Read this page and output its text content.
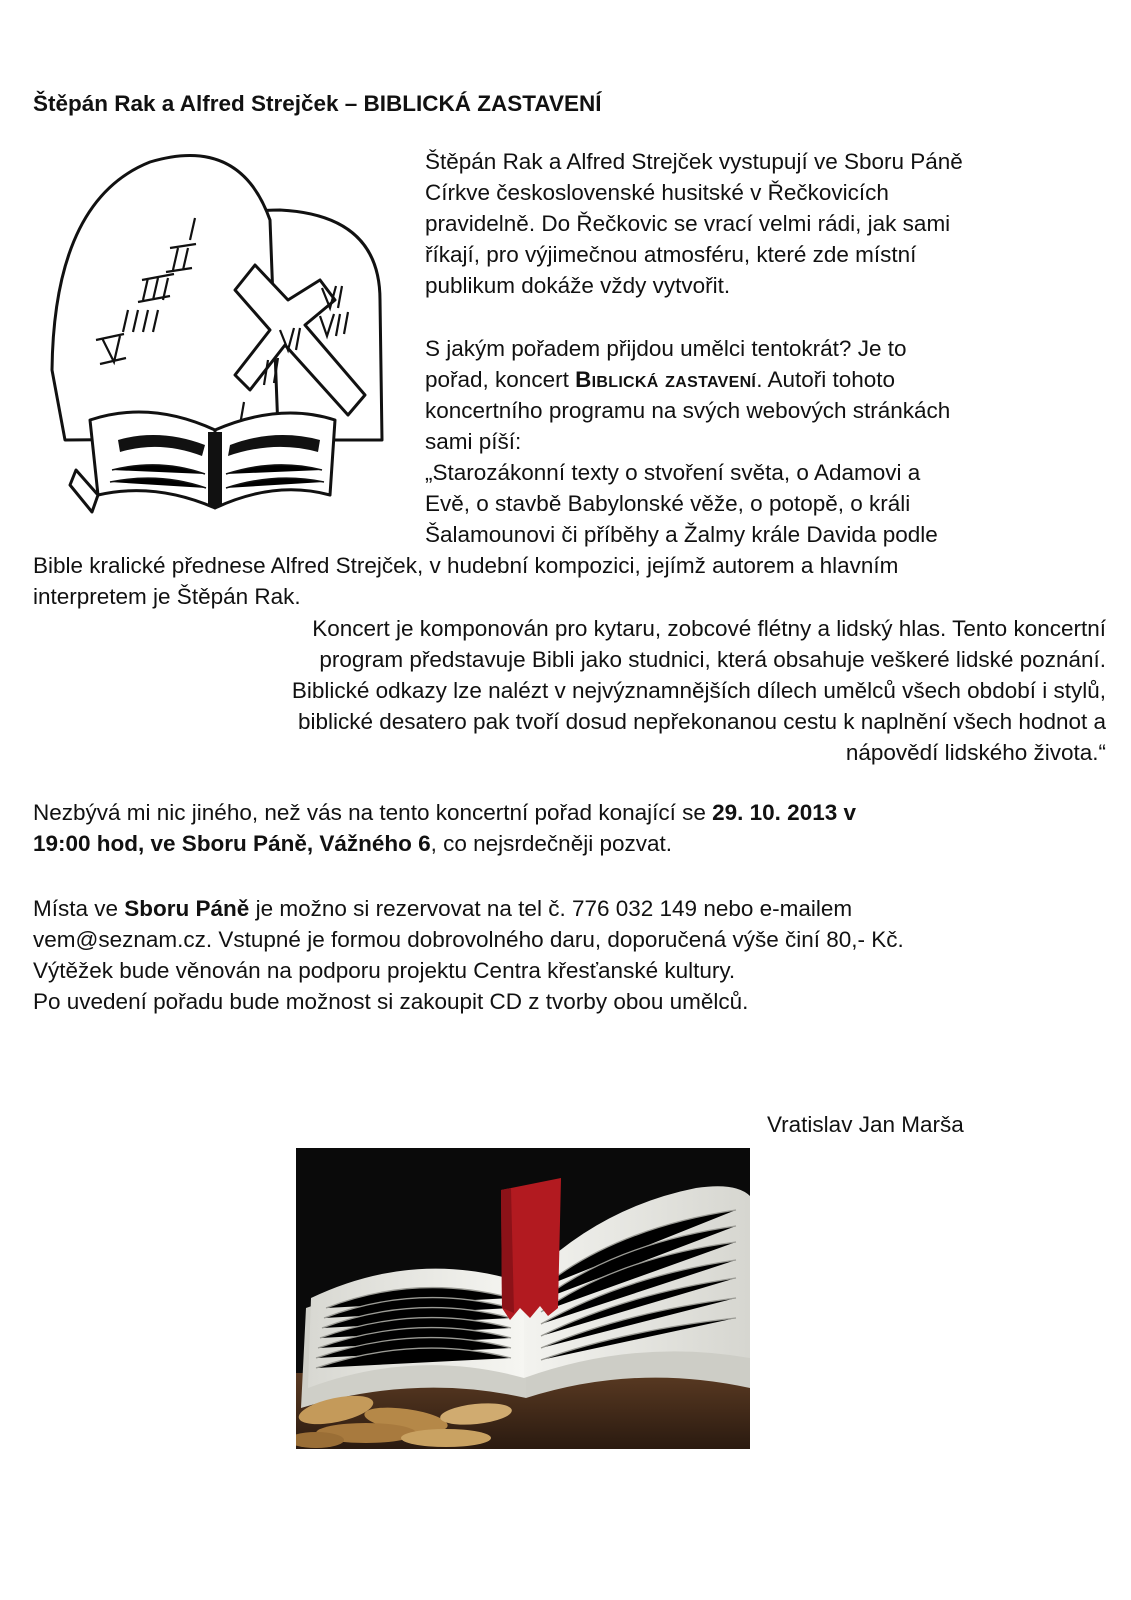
Štěpán Rak a Alfred Strejček – BIBLICKÁ ZASTAVENÍ

Štěpán Rak a Alfred Strejček vystupují ve Sboru Páně
Církve československé husitské v Řečkovicích
pravidelně. Do Řečkovic se vrací velmi rádi, jak sami
říkají, pro výjimečnou atmosféru, které zde místní
publikum dokáže vždy vytvořit.

S jakým pořadem přijdou umělci tentokrát? Je to
pořad, koncert Biblická zastavení. Autoři tohoto
koncertního programu na svých webových stránkách
sami píší:
„Starozákonní texty o stvoření světa, o Adamovi a
Evě, o stavbě Babylonské věže, o potopě, o králi
Šalamounovi či příběhy a Žalmy krále Davida podle

Bible kralické přednese Alfred Strejček, v hudební kompozici, jejímž autorem a hlavním
interpretem je Štěpán Rak.

Koncert je komponován pro kytaru, zobcové flétny a lidský hlas. Tento koncertní
program představuje Bibli jako studnici, která obsahuje veškeré lidské poznání.
Biblické odkazy lze nalézt v nejvýznamnějších dílech umělců všech období i stylů,
biblické desatero pak tvoří dosud nepřekonanou cestu k naplnění všech hodnot a
nápovědí lidského života.“

Nezbývá mi nic jiného, než vás na tento koncertní pořad konající se 29. 10. 2013 v
19:00 hod, ve Sboru Páně, Vážného 6, co nejsrdečněji pozvat.

Místa ve Sboru Páně je možno si rezervovat na tel č. 776 032 149 nebo e-mailem
vem@seznam.cz. Vstupné je formou dobrovolného daru, doporučená výše činí 80,- Kč.
Výtěžek bude věnován na podporu projektu Centra křesťanské kultury.
Po uvedení pořadu bude možnost si zakoupit CD z tvorby obou umělců.

Vratislav Jan Marša
